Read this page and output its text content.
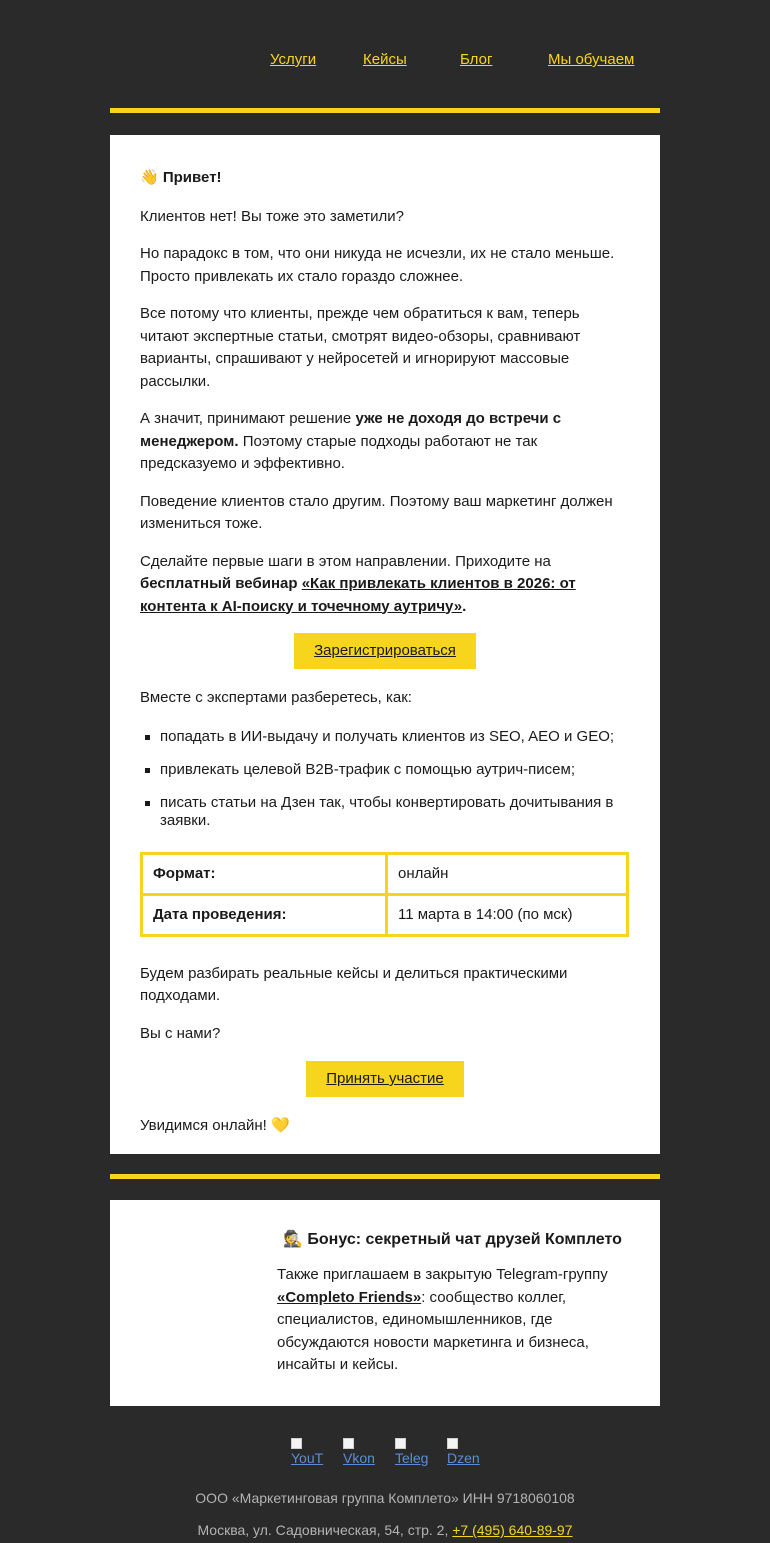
Услуги	Кейсы	Блог	Мы обучаем

👋 Привет!

Клиентов нет! Вы тоже это заметили?

Но парадокс в том, что они никуда не исчезли, их не стало меньше. Просто привлекать их стало гораздо сложнее.

Все потому что клиенты, прежде чем обратиться к вам, теперь читают экспертные статьи, смотрят видео-обзоры, сравнивают варианты, спрашивают у нейросетей и игнорируют массовые рассылки.

А значит, принимают решение уже не доходя до встречи с менеджером. Поэтому старые подходы работают не так предсказуемо и эффективно.

Поведение клиентов стало другим. Поэтому ваш маркетинг должен измениться тоже.

Сделайте первые шаги в этом направлении. Приходите на бесплатный вебинар «Как привлекать клиентов в 2026: от контента к AI-поиску и точечному аутричу».

Зарегистрироваться

Вместе с экспертами разберетесь, как:

попадать в ИИ-выдачу и получать клиентов из SEO, AEO и GEO;
привлекать целевой B2B-трафик с помощью аутрич-писем;
писать статьи на Дзен так, чтобы конвертировать дочитывания в заявки.
Формат:	онлайн
Дата проведения:	11 марта в 14:00 (по мск)

Будем разбирать реальные кейсы и делиться практическими подходами.

Вы с нами?

Принять участие

Увидимся онлайн! 💛

🕵 Бонус: секретный чат друзей Комплето

Также приглашаем в закрытую Telegram-группу «Completo Friends»: сообщество коллег, специалистов, единомышленников, где обсуждаются новости маркетинга и бизнеса, инсайты и кейсы.

YouT Vkon Teleg Dzen
ООО «Маркетинговая группа Комплето» ИНН 9718060108
Москва, ул. Садовническая, 54, стр. 2, +7 (495) 640-89-97
